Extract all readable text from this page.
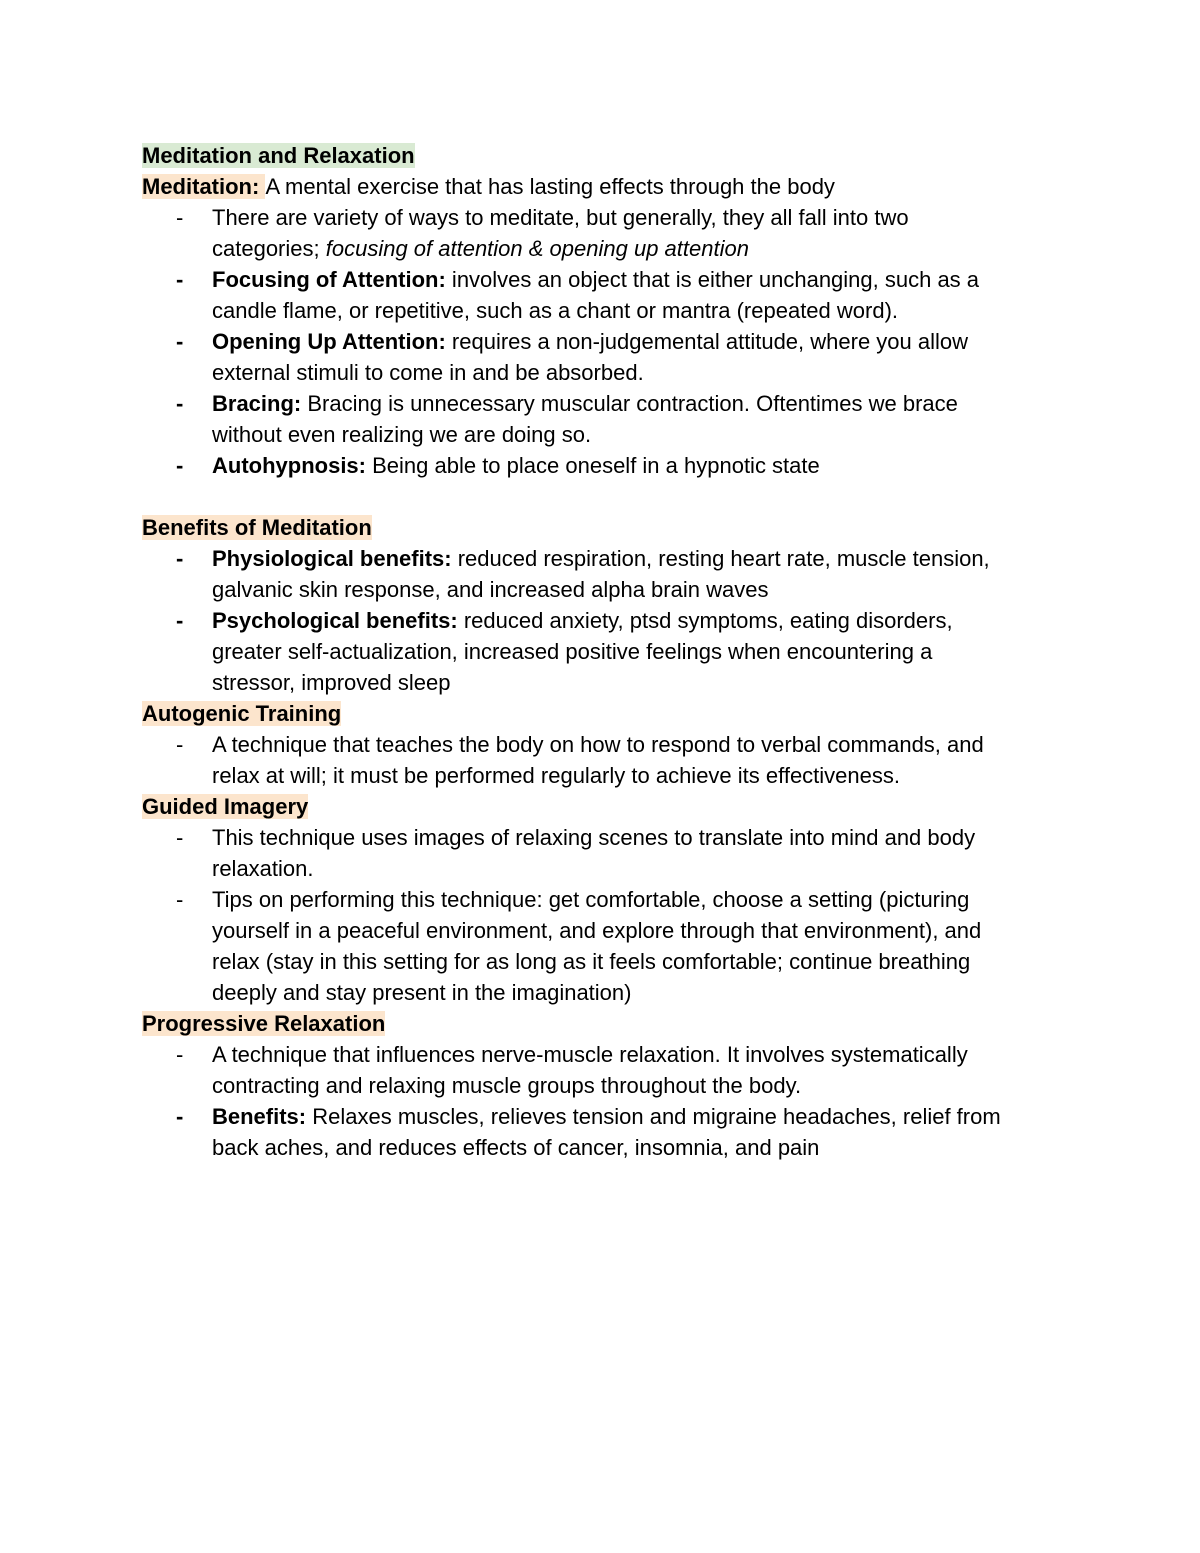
Meditation and Relaxation
Meditation: A mental exercise that has lasting effects through the body
- There are variety of ways to meditate, but generally, they all fall into two
categories; focusing of attention & opening up attention
- Focusing of Attention: involves an object that is either unchanging, such as a
candle flame, or repetitive, such as a chant or mantra (repeated word).
- Opening Up Attention: requires a non-judgemental attitude, where you allow
external stimuli to come in and be absorbed.
- Bracing: Bracing is unnecessary muscular contraction. Oftentimes we brace
without even realizing we are doing so.
- Autohypnosis: Being able to place oneself in a hypnotic state
Benefits of Meditation
- Physiological benefits: reduced respiration, resting heart rate, muscle tension,
galvanic skin response, and increased alpha brain waves
- Psychological benefits: reduced anxiety, ptsd symptoms, eating disorders,
greater self-actualization, increased positive feelings when encountering a
stressor, improved sleep
Autogenic Training
- A technique that teaches the body on how to respond to verbal commands, and
relax at will; it must be performed regularly to achieve its effectiveness.
Guided Imagery
- This technique uses images of relaxing scenes to translate into mind and body
relaxation.
- Tips on performing this technique: get comfortable, choose a setting (picturing
yourself in a peaceful environment, and explore through that environment), and
relax (stay in this setting for as long as it feels comfortable; continue breathing
deeply and stay present in the imagination)
Progressive Relaxation
- A technique that influences nerve-muscle relaxation. It involves systematically
contracting and relaxing muscle groups throughout the body.
- Benefits: Relaxes muscles, relieves tension and migraine headaches, relief from
back aches, and reduces effects of cancer, insomnia, and pain
